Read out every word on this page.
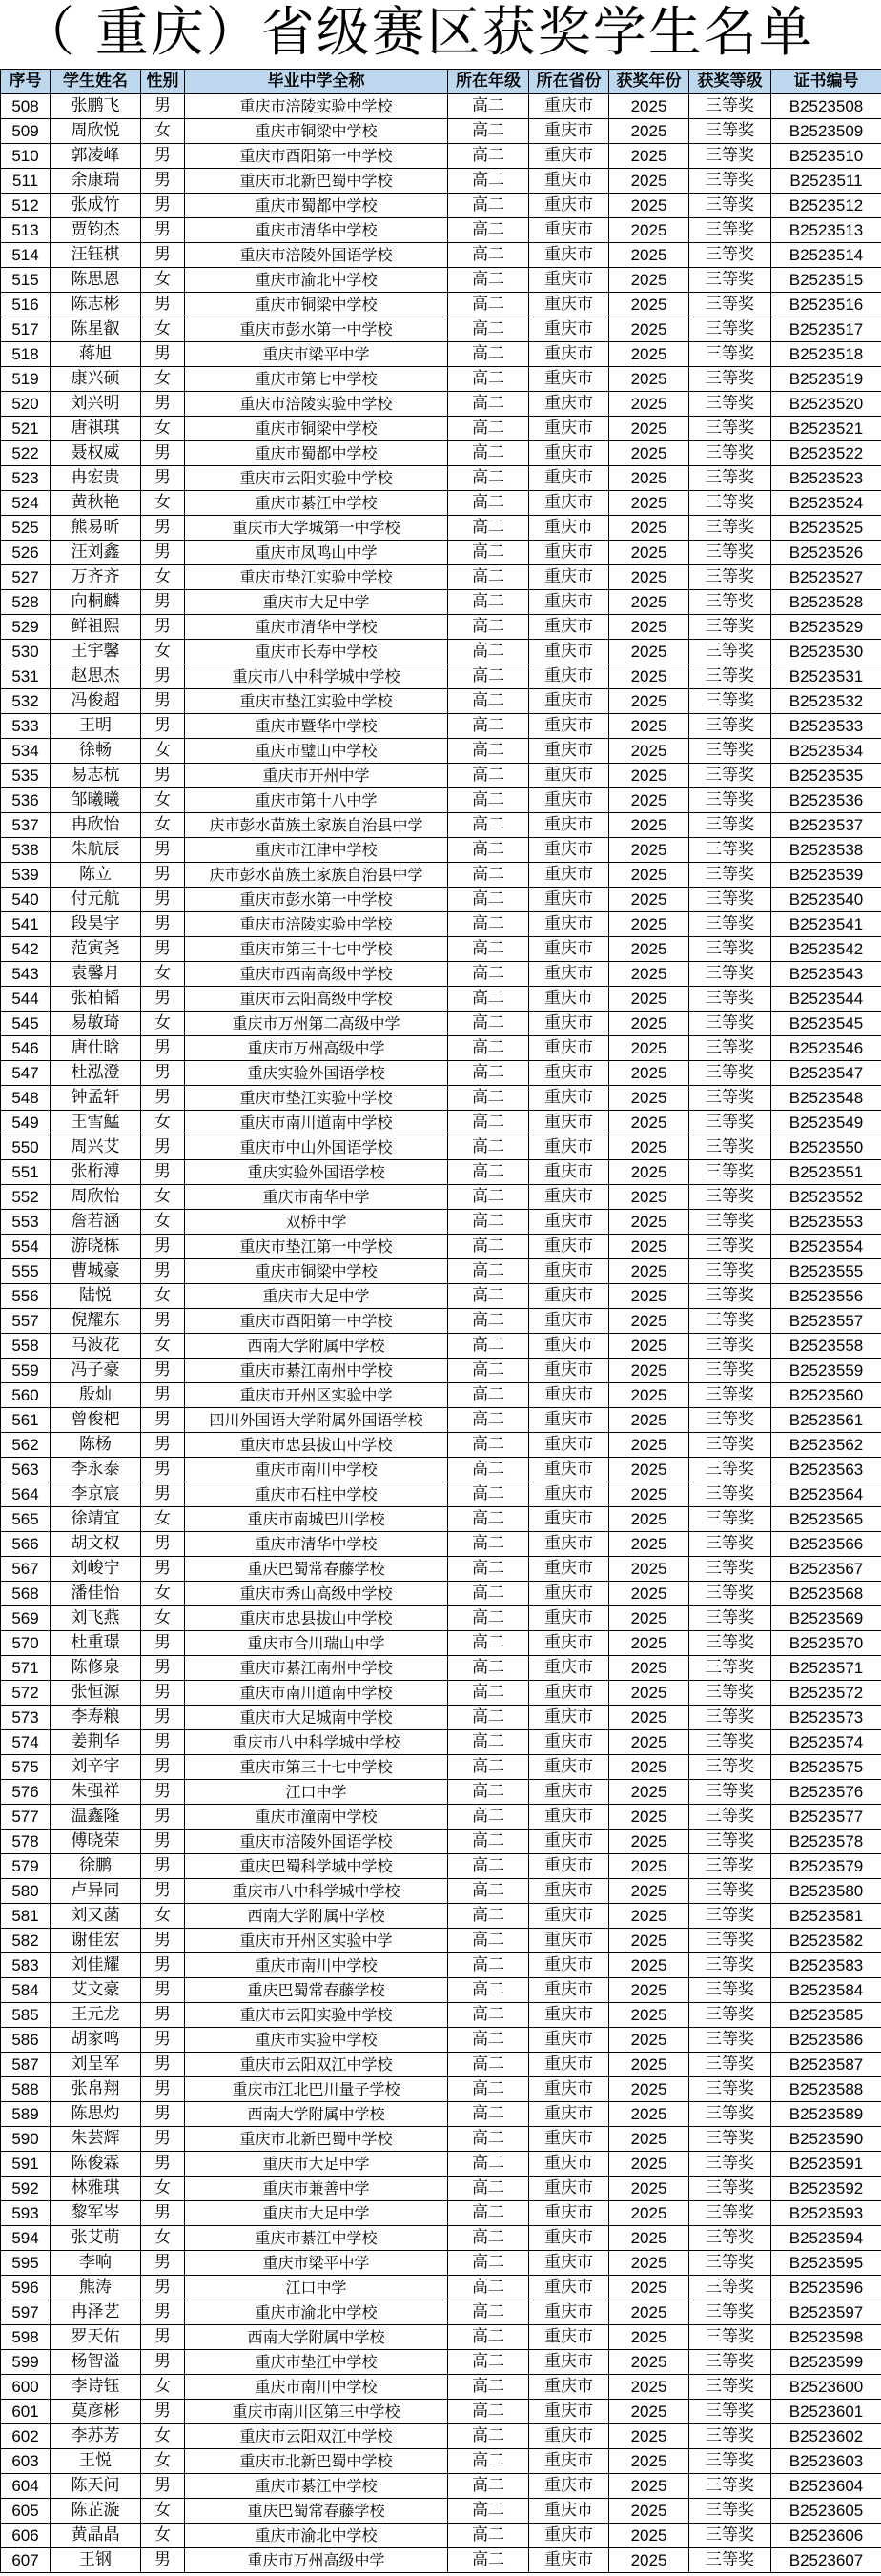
（ 重庆）省级赛区获奖学生名单
序号	学生姓名	性别	毕业中学全称	所在年级	所在省份	获奖年份	获奖等级	证书编号
508	张鹏飞	男	重庆市涪陵实验中学校	高二	重庆市	2025	三等奖	B2523508
509	周欣悦	女	重庆市铜梁中学校	高二	重庆市	2025	三等奖	B2523509
510	郭凌峰	男	重庆市酉阳第一中学校	高二	重庆市	2025	三等奖	B2523510
511	余康瑞	男	重庆市北新巴蜀中学校	高二	重庆市	2025	三等奖	B2523511
512	张成竹	男	重庆市蜀都中学校	高二	重庆市	2025	三等奖	B2523512
513	贾钧杰	男	重庆市清华中学校	高二	重庆市	2025	三等奖	B2523513
514	汪钰棋	男	重庆市涪陵外国语学校	高二	重庆市	2025	三等奖	B2523514
515	陈思恩	女	重庆市渝北中学校	高二	重庆市	2025	三等奖	B2523515
516	陈志彬	男	重庆市铜梁中学校	高二	重庆市	2025	三等奖	B2523516
517	陈星叡	女	重庆市彭水第一中学校	高二	重庆市	2025	三等奖	B2523517
518	蒋旭	男	重庆市梁平中学	高二	重庆市	2025	三等奖	B2523518
519	康兴硕	女	重庆市第七中学校	高二	重庆市	2025	三等奖	B2523519
520	刘兴明	男	重庆市涪陵实验中学校	高二	重庆市	2025	三等奖	B2523520
521	唐祺琪	女	重庆市铜梁中学校	高二	重庆市	2025	三等奖	B2523521
522	聂权威	男	重庆市蜀都中学校	高二	重庆市	2025	三等奖	B2523522
523	冉宏贵	男	重庆市云阳实验中学校	高二	重庆市	2025	三等奖	B2523523
524	黄秋艳	女	重庆市綦江中学校	高二	重庆市	2025	三等奖	B2523524
525	熊易昕	男	重庆市大学城第一中学校	高二	重庆市	2025	三等奖	B2523525
526	汪刘鑫	男	重庆市凤鸣山中学	高二	重庆市	2025	三等奖	B2523526
527	万齐齐	女	重庆市垫江实验中学校	高二	重庆市	2025	三等奖	B2523527
528	向桐麟	男	重庆市大足中学	高二	重庆市	2025	三等奖	B2523528
529	鲜祖熙	男	重庆市清华中学校	高二	重庆市	2025	三等奖	B2523529
530	王宇馨	女	重庆市长寿中学校	高二	重庆市	2025	三等奖	B2523530
531	赵思杰	男	重庆市八中科学城中学校	高二	重庆市	2025	三等奖	B2523531
532	冯俊超	男	重庆市垫江实验中学校	高二	重庆市	2025	三等奖	B2523532
533	王明	男	重庆市暨华中学校	高二	重庆市	2025	三等奖	B2523533
534	徐畅	女	重庆市璧山中学校	高二	重庆市	2025	三等奖	B2523534
535	易志杭	男	重庆市开州中学	高二	重庆市	2025	三等奖	B2523535
536	邹曦曦	女	重庆市第十八中学	高二	重庆市	2025	三等奖	B2523536
537	冉欣怡	女	庆市彭水苗族土家族自治县中学	高二	重庆市	2025	三等奖	B2523537
538	朱航辰	男	重庆市江津中学校	高二	重庆市	2025	三等奖	B2523538
539	陈立	男	庆市彭水苗族土家族自治县中学	高二	重庆市	2025	三等奖	B2523539
540	付元航	男	重庆市彭水第一中学校	高二	重庆市	2025	三等奖	B2523540
541	段昊宇	男	重庆市涪陵实验中学校	高二	重庆市	2025	三等奖	B2523541
542	范寅尧	男	重庆市第三十七中学校	高二	重庆市	2025	三等奖	B2523542
543	袁馨月	女	重庆市西南高级中学校	高二	重庆市	2025	三等奖	B2523543
544	张柏韬	男	重庆市云阳高级中学校	高二	重庆市	2025	三等奖	B2523544
545	易敏琦	女	重庆市万州第二高级中学	高二	重庆市	2025	三等奖	B2523545
546	唐仕晗	男	重庆市万州高级中学	高二	重庆市	2025	三等奖	B2523546
547	杜泓澄	男	重庆实验外国语学校	高二	重庆市	2025	三等奖	B2523547
548	钟孟轩	男	重庆市垫江实验中学校	高二	重庆市	2025	三等奖	B2523548
549	王雪鯭	女	重庆市南川道南中学校	高二	重庆市	2025	三等奖	B2523549
550	周兴艾	男	重庆市中山外国语学校	高二	重庆市	2025	三等奖	B2523550
551	张桁溥	男	重庆实验外国语学校	高二	重庆市	2025	三等奖	B2523551
552	周欣怡	女	重庆市南华中学	高二	重庆市	2025	三等奖	B2523552
553	詹若涵	女	双桥中学	高二	重庆市	2025	三等奖	B2523553
554	游晓栋	男	重庆市垫江第一中学校	高二	重庆市	2025	三等奖	B2523554
555	曹城豪	男	重庆市铜梁中学校	高二	重庆市	2025	三等奖	B2523555
556	陆悦	女	重庆市大足中学	高二	重庆市	2025	三等奖	B2523556
557	倪耀东	男	重庆市酉阳第一中学校	高二	重庆市	2025	三等奖	B2523557
558	马波花	女	西南大学附属中学校	高二	重庆市	2025	三等奖	B2523558
559	冯子豪	男	重庆市綦江南州中学校	高二	重庆市	2025	三等奖	B2523559
560	殷灿	男	重庆市开州区实验中学	高二	重庆市	2025	三等奖	B2523560
561	曾俊杷	男	四川外国语大学附属外国语学校	高二	重庆市	2025	三等奖	B2523561
562	陈杨	男	重庆市忠县拔山中学校	高二	重庆市	2025	三等奖	B2523562
563	李永泰	男	重庆市南川中学校	高二	重庆市	2025	三等奖	B2523563
564	李京宸	男	重庆市石柱中学校	高二	重庆市	2025	三等奖	B2523564
565	徐靖宜	女	重庆市南城巴川学校	高二	重庆市	2025	三等奖	B2523565
566	胡文权	男	重庆市清华中学校	高二	重庆市	2025	三等奖	B2523566
567	刘峻宁	男	重庆巴蜀常春藤学校	高二	重庆市	2025	三等奖	B2523567
568	潘佳怡	女	重庆市秀山高级中学校	高二	重庆市	2025	三等奖	B2523568
569	刘飞燕	女	重庆市忠县拔山中学校	高二	重庆市	2025	三等奖	B2523569
570	杜重璟	男	重庆市合川瑞山中学	高二	重庆市	2025	三等奖	B2523570
571	陈修泉	男	重庆市綦江南州中学校	高二	重庆市	2025	三等奖	B2523571
572	张恒源	男	重庆市南川道南中学校	高二	重庆市	2025	三等奖	B2523572
573	李寿粮	男	重庆市大足城南中学校	高二	重庆市	2025	三等奖	B2523573
574	姜荆华	男	重庆市八中科学城中学校	高二	重庆市	2025	三等奖	B2523574
575	刘辛宇	男	重庆市第三十七中学校	高二	重庆市	2025	三等奖	B2523575
576	朱强祥	男	江口中学	高二	重庆市	2025	三等奖	B2523576
577	温鑫隆	男	重庆市潼南中学校	高二	重庆市	2025	三等奖	B2523577
578	傅晓荣	男	重庆市涪陵外国语学校	高二	重庆市	2025	三等奖	B2523578
579	徐鹏	男	重庆巴蜀科学城中学校	高二	重庆市	2025	三等奖	B2523579
580	卢异同	男	重庆市八中科学城中学校	高二	重庆市	2025	三等奖	B2523580
581	刘又菡	女	西南大学附属中学校	高二	重庆市	2025	三等奖	B2523581
582	谢佳宏	男	重庆市开州区实验中学	高二	重庆市	2025	三等奖	B2523582
583	刘佳耀	男	重庆市南川中学校	高二	重庆市	2025	三等奖	B2523583
584	艾文豪	男	重庆巴蜀常春藤学校	高二	重庆市	2025	三等奖	B2523584
585	王元龙	男	重庆市云阳实验中学校	高二	重庆市	2025	三等奖	B2523585
586	胡家鸣	男	重庆市实验中学校	高二	重庆市	2025	三等奖	B2523586
587	刘呈军	男	重庆市云阳双江中学校	高二	重庆市	2025	三等奖	B2523587
588	张帛翔	男	重庆市江北巴川量子学校	高二	重庆市	2025	三等奖	B2523588
589	陈思灼	男	西南大学附属中学校	高二	重庆市	2025	三等奖	B2523589
590	朱芸辉	男	重庆市北新巴蜀中学校	高二	重庆市	2025	三等奖	B2523590
591	陈俊霖	男	重庆市大足中学	高二	重庆市	2025	三等奖	B2523591
592	林雅琪	女	重庆市兼善中学	高二	重庆市	2025	三等奖	B2523592
593	黎军岑	男	重庆市大足中学	高二	重庆市	2025	三等奖	B2523593
594	张艾萌	女	重庆市綦江中学校	高二	重庆市	2025	三等奖	B2523594
595	李响	男	重庆市梁平中学	高二	重庆市	2025	三等奖	B2523595
596	熊涛	男	江口中学	高二	重庆市	2025	三等奖	B2523596
597	冉泽艺	男	重庆市渝北中学校	高二	重庆市	2025	三等奖	B2523597
598	罗天佑	男	西南大学附属中学校	高二	重庆市	2025	三等奖	B2523598
599	杨智溢	男	重庆市垫江中学校	高二	重庆市	2025	三等奖	B2523599
600	李诗钰	女	重庆市南川中学校	高二	重庆市	2025	三等奖	B2523600
601	莫彦彬	男	重庆市南川区第三中学校	高二	重庆市	2025	三等奖	B2523601
602	李苏芳	女	重庆市云阳双江中学校	高二	重庆市	2025	三等奖	B2523602
603	王悦	女	重庆市北新巴蜀中学校	高二	重庆市	2025	三等奖	B2523603
604	陈天问	男	重庆市綦江中学校	高二	重庆市	2025	三等奖	B2523604
605	陈芷漩	女	重庆巴蜀常春藤学校	高二	重庆市	2025	三等奖	B2523605
606	黄晶晶	女	重庆市渝北中学校	高二	重庆市	2025	三等奖	B2523606
607	王钢	男	重庆市万州高级中学	高二	重庆市	2025	三等奖	B2523607
